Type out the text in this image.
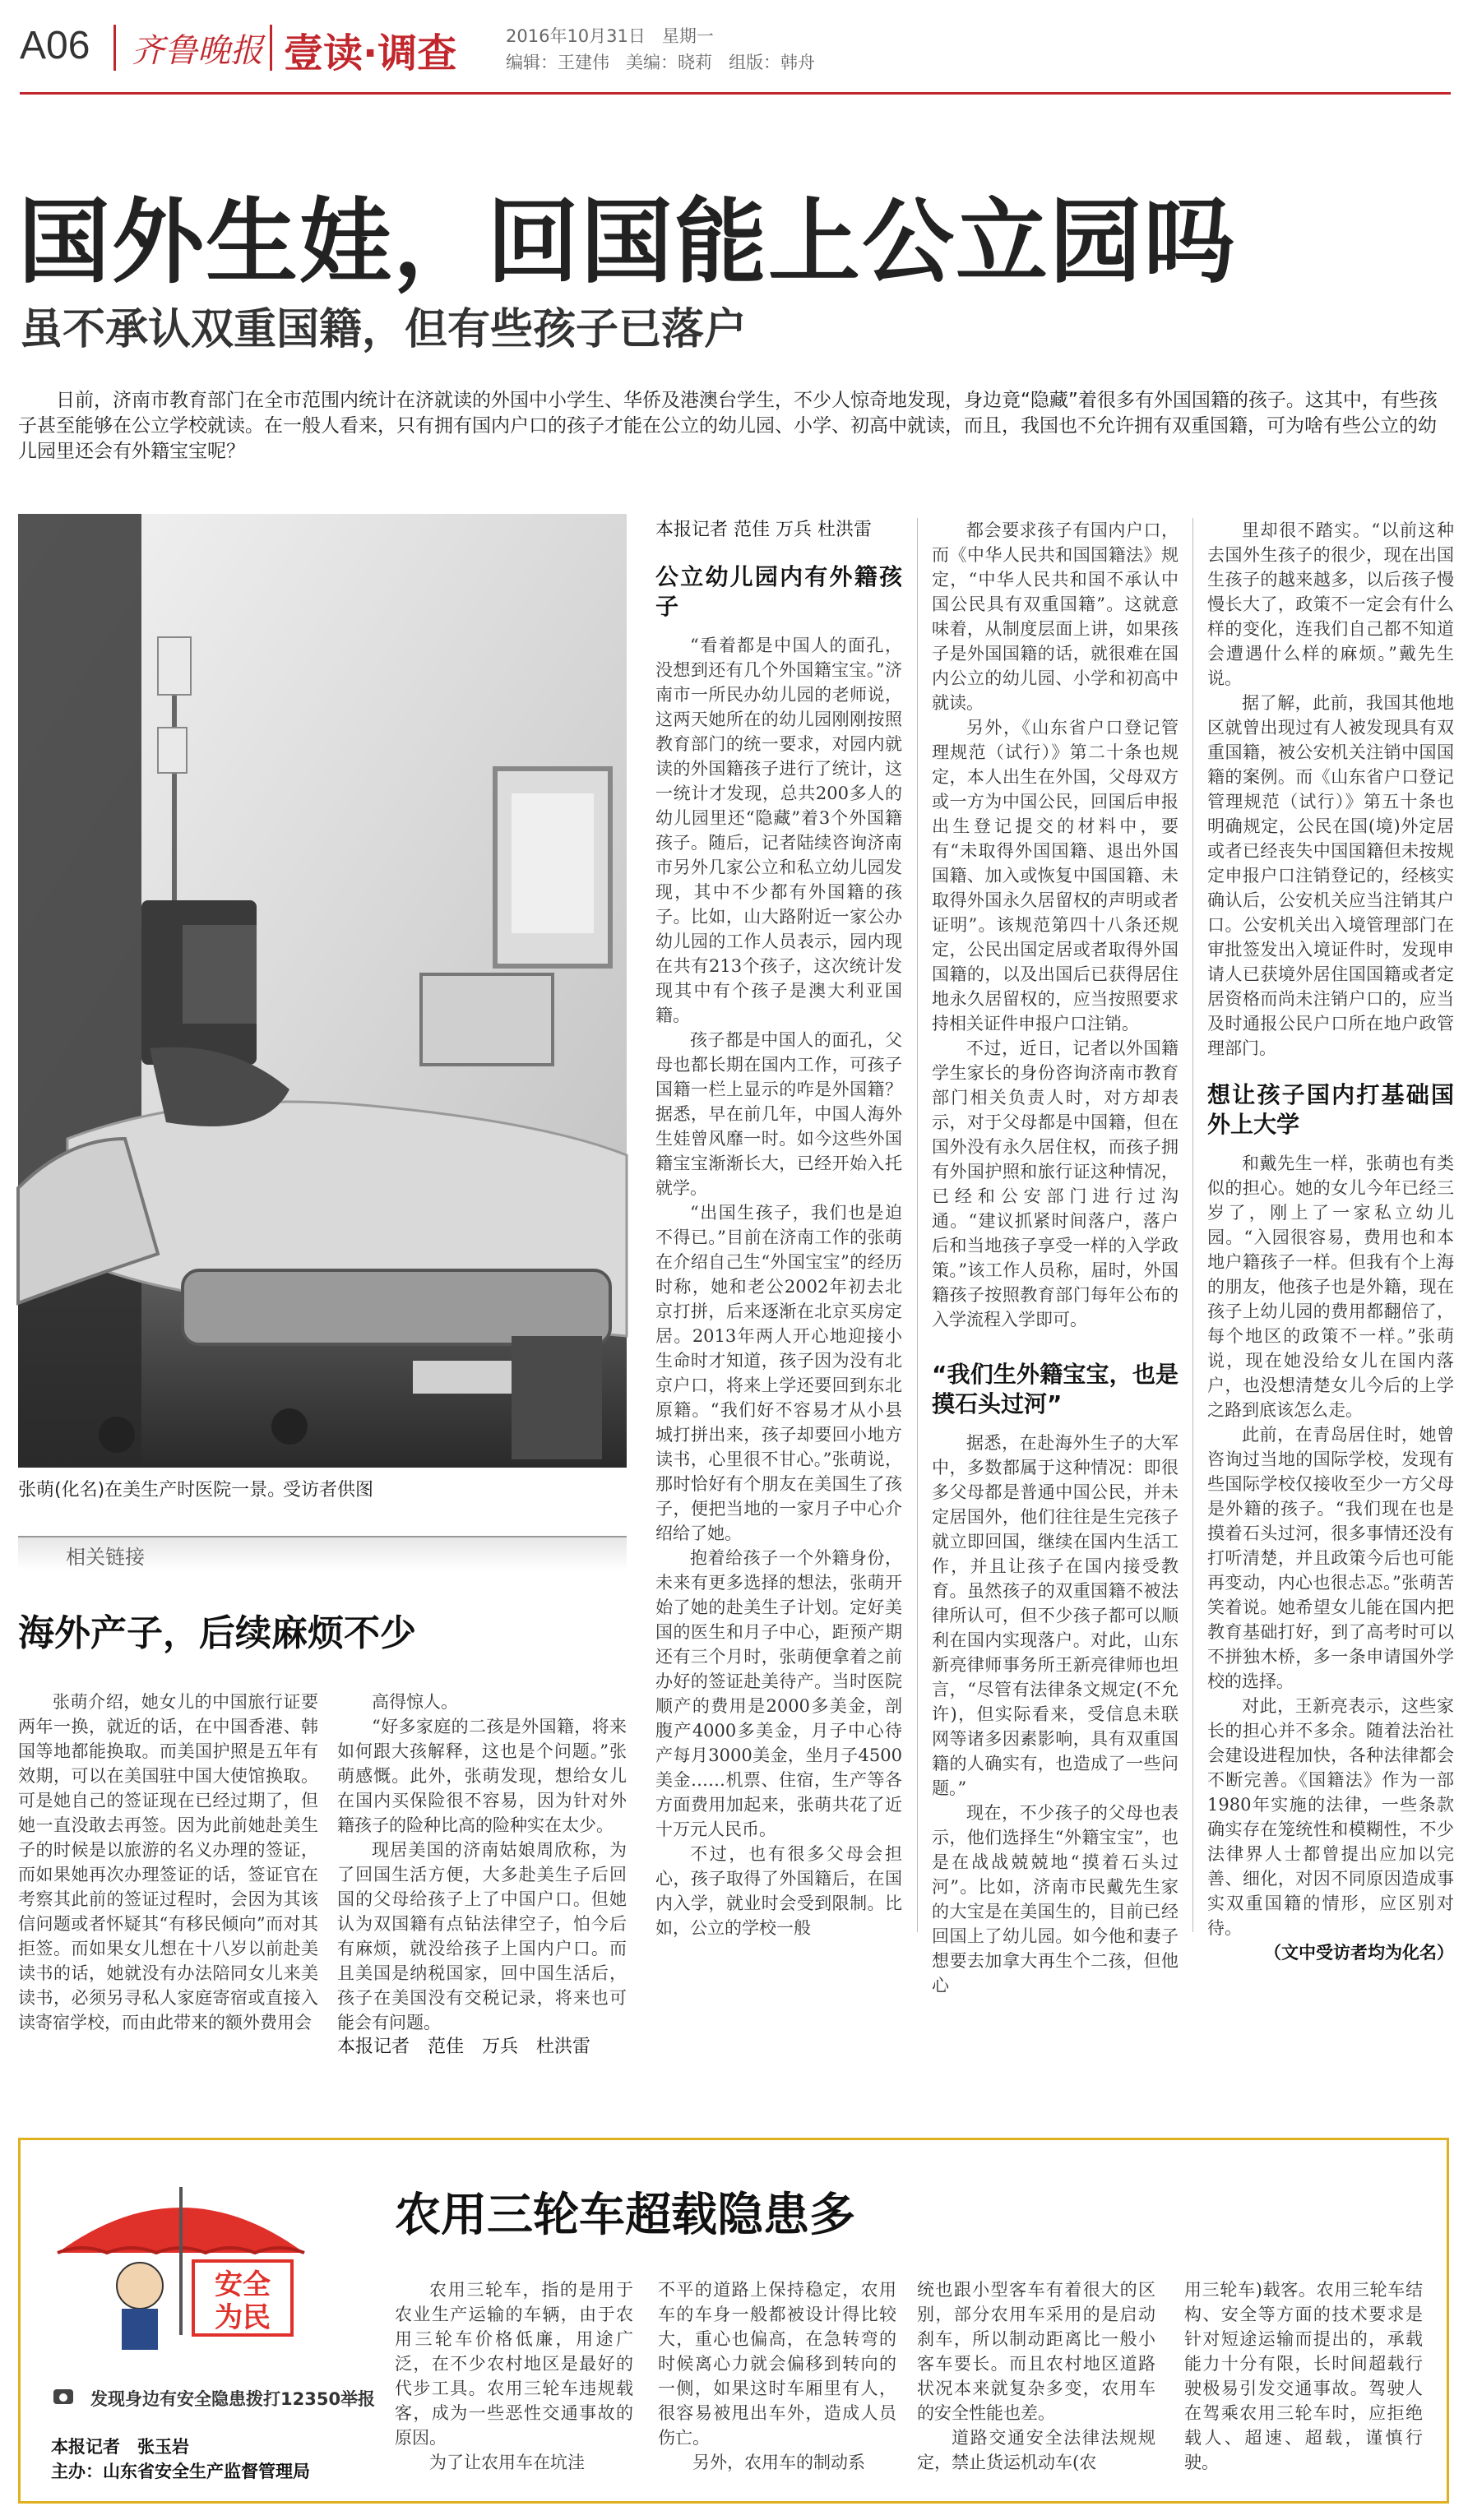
A06 齐鲁晚报 壹读·调查	2016年10月31日 星期一
编辑：王建伟 美编：晓莉 组版：韩舟
国外生娃，回国能上公立园吗
虽不承认双重国籍，但有些孩子已落户
日前，济南市教育部门在全市范围内统计在济就读的外国中小学生、华侨及港澳台学生，不少人惊奇地发现，身边竟“隐藏”着很多有外国国籍的孩子。这其中，有些孩子甚至能够在公立学校就读。在一般人看来，只有拥有国内户口的孩子才能在公立的幼儿园、小学、初高中就读，而且，我国也不允许拥有双重国籍，可为啥有些公立的幼儿园里还会有外籍宝宝呢？
张萌(化名)在美生产时医院一景。
受访者供图

本报记者 范佳 万兵 杜洪雷

公立幼儿园内有外籍孩子

“看着都是中国人的面孔，没想到还有几个外国籍宝宝。”济南市一所民办幼儿园的老师说，这两天她所在的幼儿园刚刚按照教育部门的统一要求，对园内就读的外国籍孩子进行了统计，这一统计才发现，总共200多人的幼儿园里还“隐藏”着3个外国籍孩子。随后，记者陆续咨询济南市另外几家公立和私立幼儿园发现，其中不少都有外国籍的孩子。比如，山大路附近一家公办幼儿园的工作人员表示，园内现在共有213个孩子，这次统计发现其中有个孩子是澳大利亚国籍。

孩子都是中国人的面孔，父母也都长期在国内工作，可孩子国籍一栏上显示的咋是外国籍？据悉，早在前几年，中国人海外生娃曾风靡一时。如今这些外国籍宝宝渐渐长大，已经开始入托就学。

“出国生孩子，我们也是迫不得已。”目前在济南工作的张萌在介绍自己生“外国宝宝”的经历时称，她和老公2002年初去北京打拼，后来逐渐在北京买房定居。2013年两人开心地迎接小生命时才知道，孩子因为没有北京户口，将来上学还要回到东北原籍。“我们好不容易才从小县城打拼出来，孩子却要回小地方读书，心里很不甘心。”张萌说，那时恰好有个朋友在美国生了孩子，便把当地的一家月子中心介绍给了她。

抱着给孩子一个外籍身份，未来有更多选择的想法，张萌开始了她的赴美生子计划。定好美国的医生和月子中心，距预产期还有三个月时，张萌便拿着之前办好的签证赴美待产。当时医院顺产的费用是2000多美金，剖腹产4000多美金，月子中心待产每月3000美金，坐月子4500美金……机票、住宿，生产等各方面费用加起来，张萌共花了近十万元人民币。

不过，也有很多父母会担心，孩子取得了外国籍后，在国内入学，就业时会受到限制。比如，公立的学校一般

都会要求孩子有国内户口，而《中华人民共和国国籍法》规定，“中华人民共和国不承认中国公民具有双重国籍”。这就意味着，从制度层面上讲，如果孩子是外国国籍的话，就很难在国内公立的幼儿园、小学和初高中就读。

另外，《山东省户口登记管理规范（试行）》第二十条也规定，本人出生在外国，父母双方或一方为中国公民，回国后申报出生登记提交的材料中，要有“未取得外国国籍、退出外国国籍、加入或恢复中国国籍、未取得外国永久居留权的声明或者证明”。该规范第四十八条还规定，公民出国定居或者取得外国国籍的，以及出国后已获得居住地永久居留权的，应当按照要求持相关证件申报户口注销。

不过，近日，记者以外国籍学生家长的身份咨询济南市教育部门相关负责人时，对方却表示，对于父母都是中国籍，但在国外没有永久居住权，而孩子拥有外国护照和旅行证这种情况，已经和公安部门进行过沟通。“建议抓紧时间落户，落户后和当地孩子享受一样的入学政策。”该工作人员称，届时，外国籍孩子按照教育部门每年公布的入学流程入学即可。

“我们生外籍宝宝，也是摸石头过河”

据悉，在赴海外生子的大军中，多数都属于这种情况：即很多父母都是普通中国公民，并未定居国外，他们往往是生完孩子就立即回国，继续在国内生活工作，并且让孩子在国内接受教育。虽然孩子的双重国籍不被法律所认可，但不少孩子都可以顺利在国内实现落户。对此，山东新亮律师事务所王新亮律师也坦言，“尽管有法律条文规定(不允许)，但实际看来，受信息未联网等诸多因素影响，具有双重国籍的人确实有，也造成了一些问题。”

现在，不少孩子的父母也表示，他们选择生“外籍宝宝”，也是在战战兢兢地“摸着石头过河”。比如，济南市民戴先生家的大宝是在美国生的，目前已经回国上了幼儿园。如今他和妻子想要去加拿大再生个二孩，但他心

里却很不踏实。“以前这种去国外生孩子的很少，现在出国生孩子的越来越多，以后孩子慢慢长大了，政策不一定会有什么样的变化，连我们自己都不知道会遭遇什么样的麻烦。”戴先生说。

据了解，此前，我国其他地区就曾出现过有人被发现具有双重国籍，被公安机关注销中国国籍的案例。而《山东省户口登记管理规范（试行）》第五十条也明确规定，公民在国(境)外定居或者已经丧失中国国籍但未按规定申报户口注销登记的，经核实确认后，公安机关应当注销其户口。公安机关出入境管理部门在审批签发出入境证件时，发现申请人已获境外居住国国籍或者定居资格而尚未注销户口的，应当及时通报公民户口所在地户政管理部门。

想让孩子国内打基础国外上大学

和戴先生一样，张萌也有类似的担心。她的女儿今年已经三岁了，刚上了一家私立幼儿园。“入园很容易，费用也和本地户籍孩子一样。但我有个上海的朋友，他孩子也是外籍，现在孩子上幼儿园的费用都翻倍了，每个地区的政策不一样。”张萌说，现在她没给女儿在国内落户，也没想清楚女儿今后的上学之路到底该怎么走。

此前，在青岛居住时，她曾咨询过当地的国际学校，发现有些国际学校仅接收至少一方父母是外籍的孩子。“我们现在也是摸着石头过河，很多事情还没有打听清楚，并且政策今后也可能再变动，内心也很忐忑。”张萌苦笑着说。她希望女儿能在国内把教育基础打好，到了高考时可以不拼独木桥，多一条申请国外学校的选择。

对此，王新亮表示，这些家长的担心并不多余。随着法治社会建设进程加快，各种法律都会不断完善。《国籍法》作为一部1980年实施的法律，一些条款确实存在笼统性和模糊性，不少法律界人士都曾提出应加以完善、细化，对因不同原因造成事实双重国籍的情形，应区别对待。

（文中受访者均为化名）

相关链接
海外产子，后续麻烦不少

张萌介绍，她女儿的中国旅行证要两年一换，就近的话，在中国香港、韩国等地都能换取。而美国护照是五年有效期，可以在美国驻中国大使馆换取。可是她自己的签证现在已经过期了，但她一直没敢去再签。因为此前她赴美生子的时候是以旅游的名义办理的签证，而如果她再次办理签证的话，签证官在考察其此前的签证过程时，会因为其该信问题或者怀疑其“有移民倾向”而对其拒签。而如果女儿想在十八岁以前赴美读书的话，她就没有办法陪同女儿来美读书，必须另寻私人家庭寄宿或直接入读寄宿学校，而由此带来的额外费用会

高得惊人。

“好多家庭的二孩是外国籍，将来如何跟大孩解释，这也是个问题。”张萌感慨。此外，张萌发现，想给女儿在国内买保险很不容易，因为针对外籍孩子的险种比高的险种实在太少。

现居美国的济南姑娘周欣称，为了回国生活方便，大多赴美生子后回国的父母给孩子上了中国户口。但她认为双国籍有点钻法律空子，怕今后有麻烦，就没给孩子上国内户口。而且美国是纳税国家，回中国生活后，孩子在美国没有交税记录，将来也可能会有问题。

本报记者　范佳　万兵　杜洪雷

安全
为民
发现身边有安全隐患拨打12350举报
本报记者　张玉岩
主办：山东省安全生产监督管理局
农用三轮车超载隐患多

农用三轮车，指的是用于农业生产运输的车辆，由于农用三轮车价格低廉，用途广泛，在不少农村地区是最好的代步工具。农用三轮车违规载客，成为一些恶性交通事故的原因。

为了让农用车在坑洼

不平的道路上保持稳定，农用车的车身一般都被设计得比较大，重心也偏高，在急转弯的时候离心力就会偏移到转向的一侧，如果这时车厢里有人，很容易被甩出车外，造成人员伤亡。

另外，农用车的制动系

统也跟小型客车有着很大的区别，部分农用车采用的是启动刹车，所以制动距离比一般小客车要长。而且农村地区道路状况本来就复杂多变，农用车的安全性能也差。

道路交通安全法律法规规定，禁止货运机动车(农

用三轮车)载客。农用三轮车结构、安全等方面的技术要求是针对短途运输而提出的，承载能力十分有限，长时间超载行驶极易引发交通事故。驾驶人在驾乘农用三轮车时，应拒绝载人、超速、超载，谨慎行驶。
